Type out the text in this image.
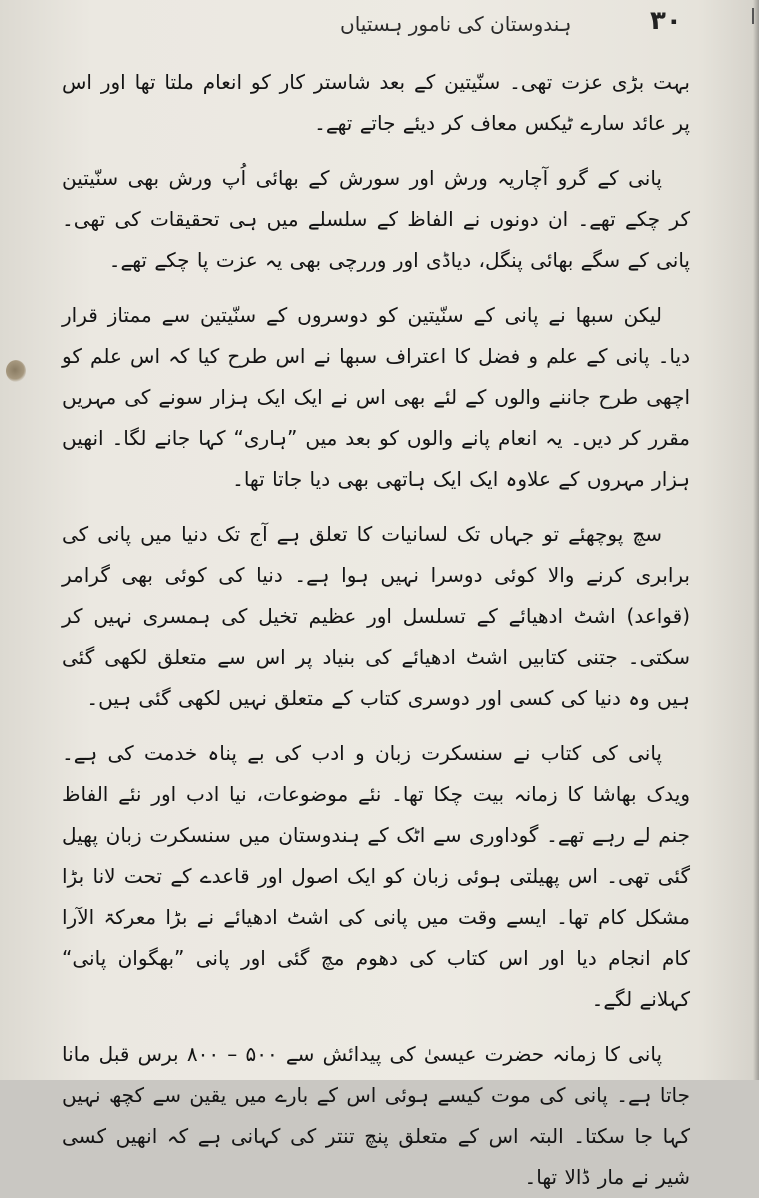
ہندوستان کی نامور ہستیاں	۳۰

بہت بڑی عزت تھی۔ سنّیتین کے بعد شاستر کار کو انعام ملتا تھا اور اس پر عائد سارے ٹیکس معاف کر دیئے جاتے تھے۔

پانی کے گرو آچاریہ ورش اور سورش کے بھائی اُپ ورش بھی سنّیتین کر چکے تھے۔ ان دونوں نے الفاظ کے سلسلے میں ہی تحقیقات کی تھی۔ پانی کے سگے بھائی پنگل، دیاڈی اور وررچی بھی یہ عزت پا چکے تھے۔

لیکن سبھا نے پانی کے سنّیتین کو دوسروں کے سنّیتین سے ممتاز قرار دیا۔ پانی کے علم و فضل کا اعتراف سبھا نے اس طرح کیا کہ اس علم کو اچھی طرح جاننے والوں کے لئے بھی اس نے ایک ایک ہزار سونے کی مہریں مقرر کر دیں۔ یہ انعام پانے والوں کو بعد میں ”ہاری“ کہا جانے لگا۔ انھیں ہزار مہروں کے علاوہ ایک ایک ہاتھی بھی دیا جاتا تھا۔

سچ پوچھئے تو جہاں تک لسانیات کا تعلق ہے آج تک دنیا میں پانی کی برابری کرنے والا کوئی دوسرا نہیں ہوا ہے۔ دنیا کی کوئی بھی گرامر (قواعد) اشٹ ادھیائے کے تسلسل اور عظیم تخیل کی ہمسری نہیں کر سکتی۔ جتنی کتابیں اشٹ ادھیائے کی بنیاد پر اس سے متعلق لکھی گئی ہیں وہ دنیا کی کسی اور دوسری کتاب کے متعلق نہیں لکھی گئی ہیں۔

پانی کی کتاب نے سنسکرت زبان و ادب کی بے پناہ خدمت کی ہے۔ ویدک بھاشا کا زمانہ بیت چکا تھا۔ نئے موضوعات، نیا ادب اور نئے الفاظ جنم لے رہے تھے۔ گوداوری سے اٹک کے ہندوستان میں سنسکرت زبان پھیل گئی تھی۔ اس پھیلتی ہوئی زبان کو ایک اصول اور قاعدے کے تحت لانا بڑا مشکل کام تھا۔ ایسے وقت میں پانی کی اشٹ ادھیائے نے بڑا معرکۃ الآرا کام انجام دیا اور اس کتاب کی دھوم مچ گئی اور پانی ”بھگوان پانی“ کہلانے لگے۔

پانی کا زمانہ حضرت عیسیٰ کی پیدائش سے ۵۰۰ – ۸۰۰ برس قبل مانا جاتا ہے۔ پانی کی موت کیسے ہوئی اس کے بارے میں یقین سے کچھ نہیں کہا جا سکتا۔ البتہ اس کے متعلق پنچ تنتر کی کہانی ہے کہ انھیں کسی شیر نے مار ڈالا تھا۔
